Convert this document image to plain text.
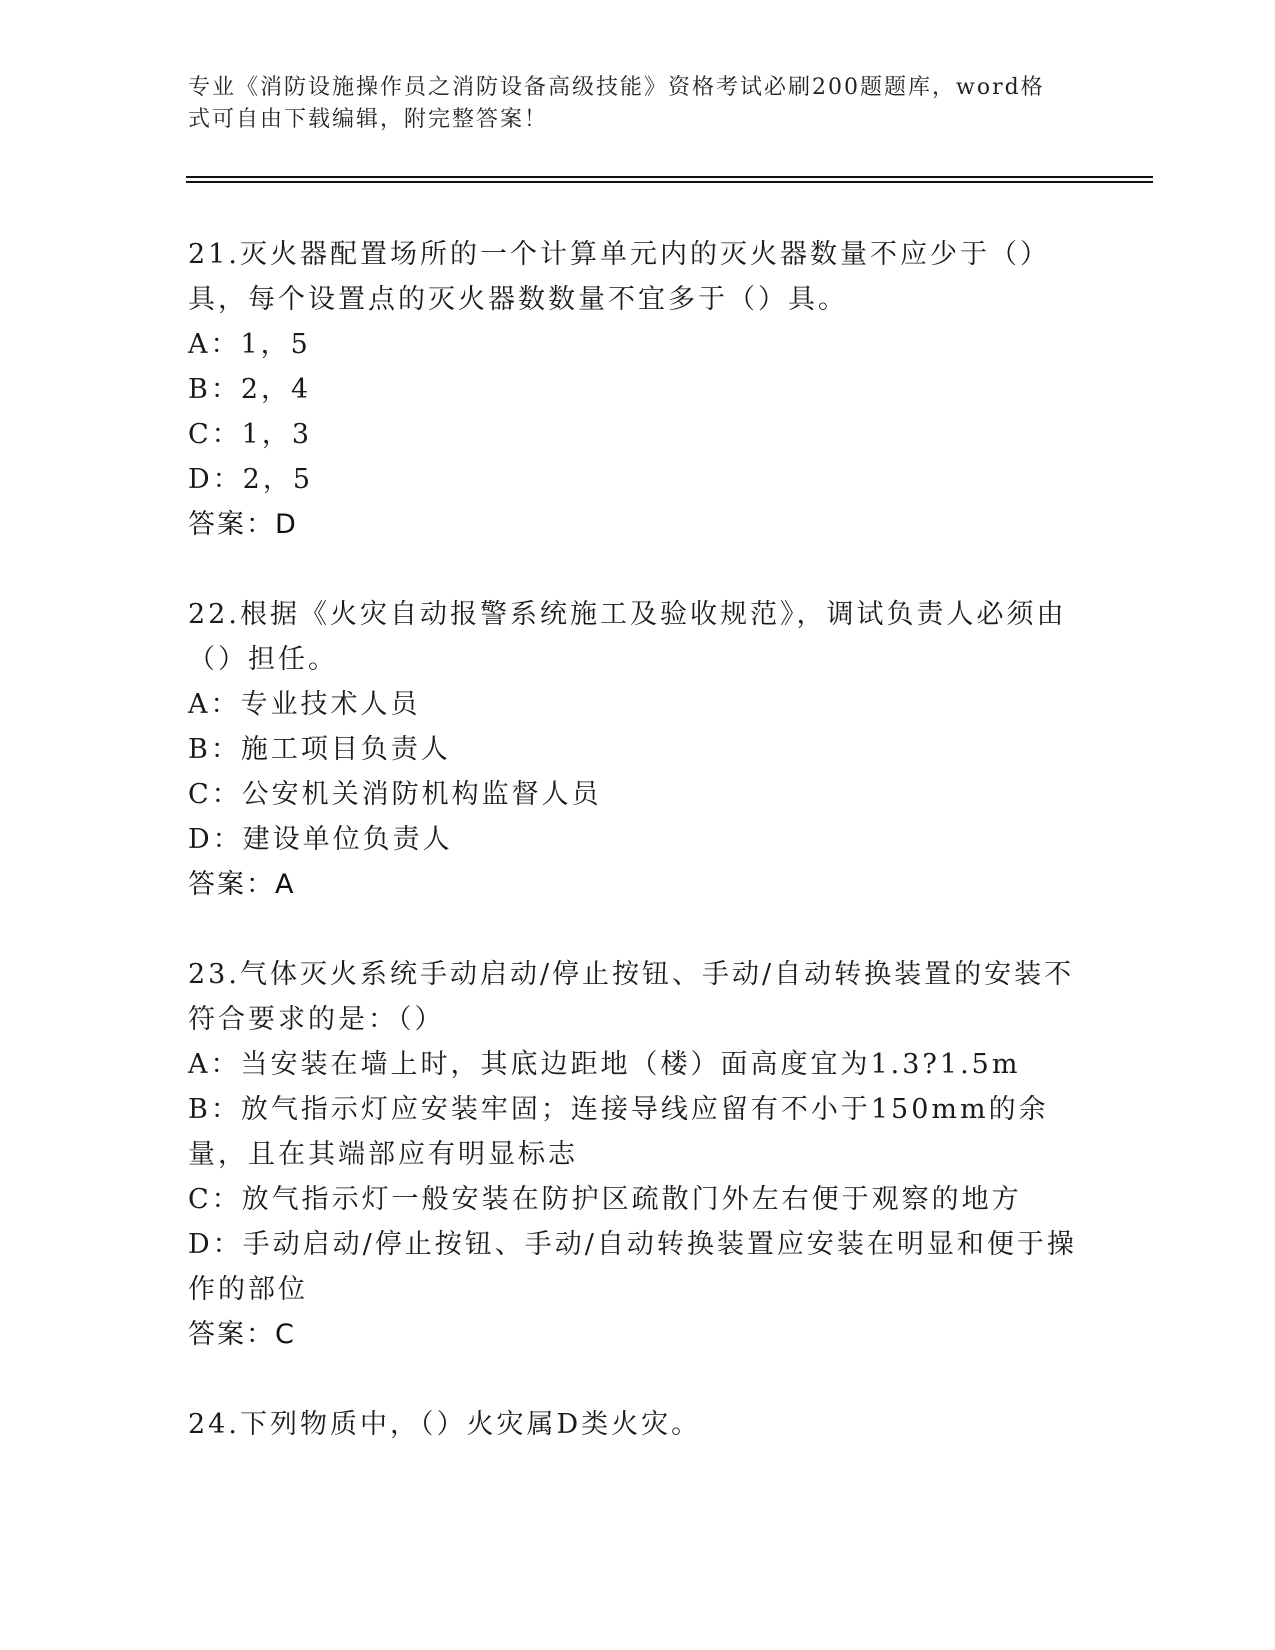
专业《消防设施操作员之消防设备高级技能》资格考试必刷200题题库，word格式可自由下载编辑，附完整答案！

21.灭火器配置场所的一个计算单元内的灭火器数量不应少于（）具，每个设置点的灭火器数数量不宜多于（）具。

A：1，5

B：2，4

C：1，3

D：2，5

答案：D

22.根据《火灾自动报警系统施工及验收规范》，调试负责人必须由（）担任。

A：专业技术人员

B：施工项目负责人

C：公安机关消防机构监督人员

D：建设单位负责人

答案：A

23.气体灭火系统手动启动/停止按钮、手动/自动转换装置的安装不符合要求的是：（）

A：当安装在墙上时，其底边距地（楼）面高度宜为1.3?1.5m

B：放气指示灯应安装牢固；连接导线应留有不小于150mm的余量，且在其端部应有明显标志

C：放气指示灯一般安装在防护区疏散门外左右便于观察的地方

D：手动启动/停止按钮、手动/自动转换装置应安装在明显和便于操作的部位

答案：C

24.下列物质中，（）火灾属D类火灾。
